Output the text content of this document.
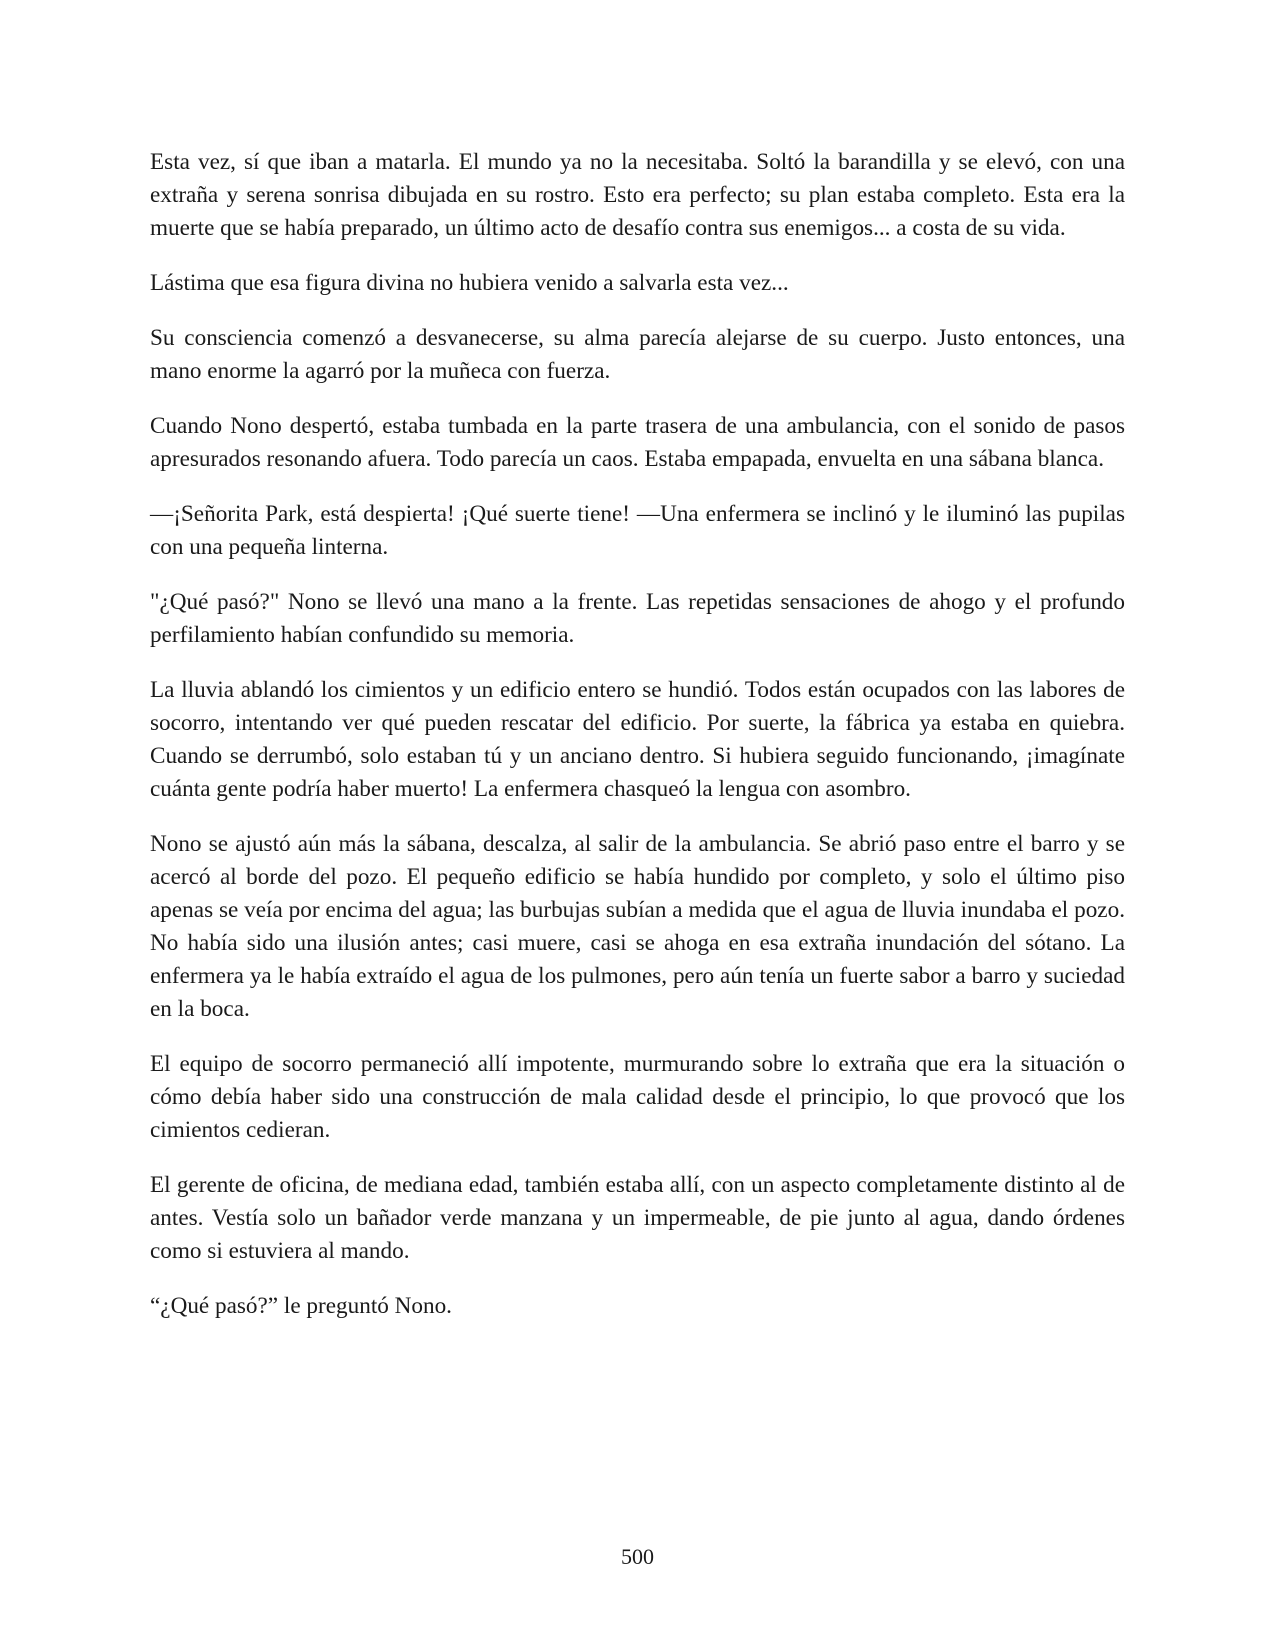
Esta vez, sí que iban a matarla. El mundo ya no la necesitaba. Soltó la barandilla y se elevó, con una extraña y serena sonrisa dibujada en su rostro. Esto era perfecto; su plan estaba completo. Esta era la muerte que se había preparado, un último acto de desafío contra sus enemigos... a costa de su vida.

Lástima que esa figura divina no hubiera venido a salvarla esta vez...

Su consciencia comenzó a desvanecerse, su alma parecía alejarse de su cuerpo. Justo entonces, una mano enorme la agarró por la muñeca con fuerza.

Cuando Nono despertó, estaba tumbada en la parte trasera de una ambulancia, con el sonido de pasos apresurados resonando afuera. Todo parecía un caos. Estaba empapada, envuelta en una sábana blanca.

—¡Señorita Park, está despierta! ¡Qué suerte tiene! —Una enfermera se inclinó y le iluminó las pupilas con una pequeña linterna.

"¿Qué pasó?" Nono se llevó una mano a la frente. Las repetidas sensaciones de ahogo y el profundo perfilamiento habían confundido su memoria.

La lluvia ablandó los cimientos y un edificio entero se hundió. Todos están ocupados con las labores de socorro, intentando ver qué pueden rescatar del edificio. Por suerte, la fábrica ya estaba en quiebra. Cuando se derrumbó, solo estaban tú y un anciano dentro. Si hubiera seguido funcionando, ¡imagínate cuánta gente podría haber muerto! La enfermera chasqueó la lengua con asombro.

Nono se ajustó aún más la sábana, descalza, al salir de la ambulancia. Se abrió paso entre el barro y se acercó al borde del pozo. El pequeño edificio se había hundido por completo, y solo el último piso apenas se veía por encima del agua; las burbujas subían a medida que el agua de lluvia inundaba el pozo. No había sido una ilusión antes; casi muere, casi se ahoga en esa extraña inundación del sótano. La enfermera ya le había extraído el agua de los pulmones, pero aún tenía un fuerte sabor a barro y suciedad en la boca.

El equipo de socorro permaneció allí impotente, murmurando sobre lo extraña que era la situación o cómo debía haber sido una construcción de mala calidad desde el principio, lo que provocó que los cimientos cedieran.

El gerente de oficina, de mediana edad, también estaba allí, con un aspecto completamente distinto al de antes. Vestía solo un bañador verde manzana y un impermeable, de pie junto al agua, dando órdenes como si estuviera al mando.

“¿Qué pasó?” le preguntó Nono.

500
